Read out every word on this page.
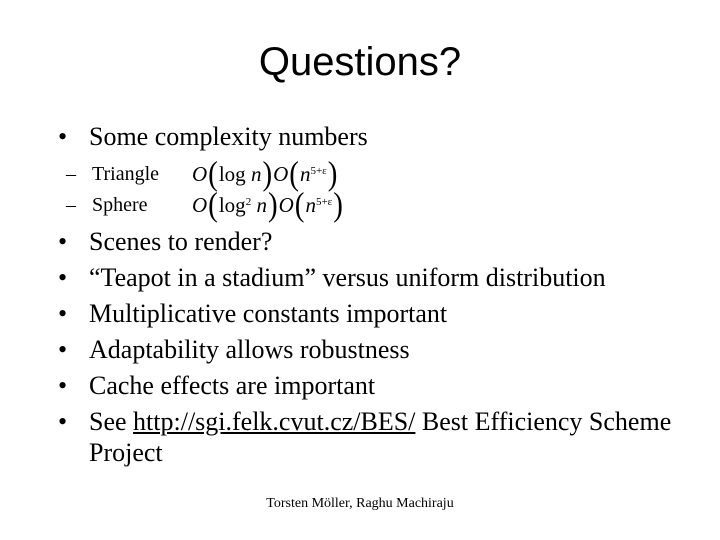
Questions?
• Some complexity numbers
– Triangle	O ( log
n ) O ( $n^{5+\varepsilon}$ )
– Sphere	O ( $\log^2$
n ) O ( $n^{5+\varepsilon}$ )
• Scenes to render?
• “Teapot in a stadium” versus uniform distribution
• Multiplicative constants important
• Adaptability allows robustness
• Cache effects are important
• See http://sgi.felk.cvut.cz/BES/ Best Efficiency Scheme Project
Torsten Möller, Raghu Machiraju
